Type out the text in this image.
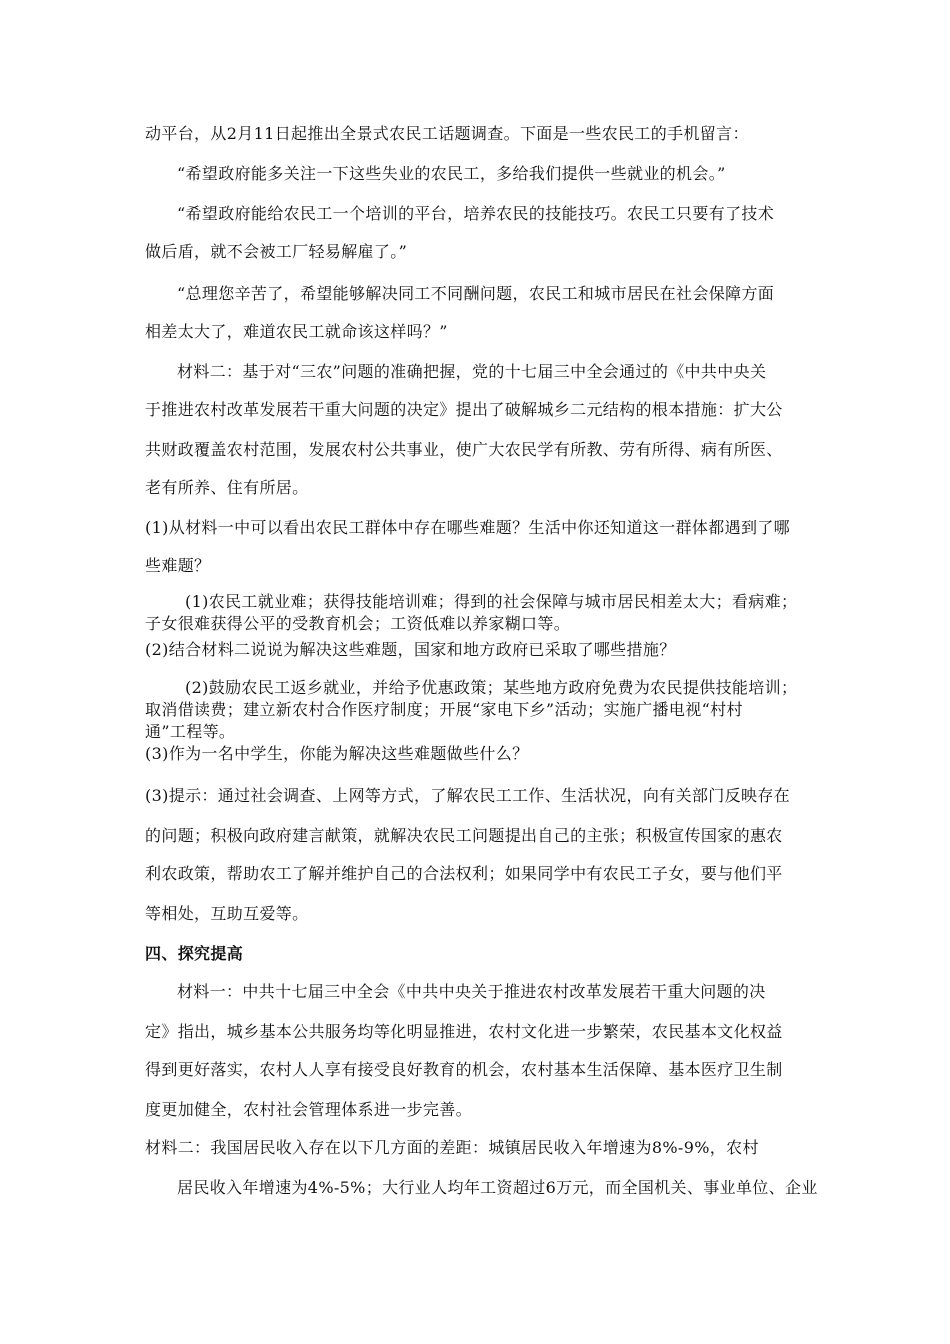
动平台，从2月11日起推出全景式农民工话题调查。下面是一些农民工的手机留言：
“希望政府能多关注一下这些失业的农民工，多给我们提供一些就业的机会。”
“希望政府能给农民工一个培训的平台，培养农民的技能技巧。农民工只要有了技术
做后盾，就不会被工厂轻易解雇了。”
“总理您辛苦了，希望能够解决同工不同酬问题，农民工和城市居民在社会保障方面
相差太大了，难道农民工就命该这样吗？”
材料二：基于对“三农”问题的准确把握，党的十七届三中全会通过的《中共中央关
于推进农村改革发展若干重大问题的决定》提出了破解城乡二元结构的根本措施：扩大公
共财政覆盖农村范围，发展农村公共事业，使广大农民学有所教、劳有所得、病有所医、
老有所养、住有所居。
(1)从材料一中可以看出农民工群体中存在哪些难题？生活中你还知道这一群体都遇到了哪
些难题？
(1)农民工就业难；获得技能培训难；得到的社会保障与城市居民相差太大；看病难；
子女很难获得公平的受教育机会；工资低难以养家糊口等。
(2)结合材料二说说为解决这些难题，国家和地方政府已采取了哪些措施？
(2)鼓励农民工返乡就业，并给予优惠政策；某些地方政府免费为农民提供技能培训；
取消借读费；建立新农村合作医疗制度；开展“家电下乡”活动；实施广播电视“村村
通”工程等。
(3)作为一名中学生，你能为解决这些难题做些什么？
(3)提示：通过社会调查、上网等方式，了解农民工工作、生活状况，向有关部门反映存在
的问题；积极向政府建言献策，就解决农民工问题提出自己的主张；积极宣传国家的惠农
利农政策，帮助农工了解并维护自己的合法权利；如果同学中有农民工子女，要与他们平
等相处，互助互爱等。
四、探究提高
材料一：中共十七届三中全会《中共中央关于推进农村改革发展若干重大问题的决
定》指出，城乡基本公共服务均等化明显推进，农村文化进一步繁荣，农民基本文化权益
得到更好落实，农村人人享有接受良好教育的机会，农村基本生活保障、基本医疗卫生制
度更加健全，农村社会管理体系进一步完善。
材料二：我国居民收入存在以下几方面的差距：城镇居民收入年增速为8%-9%，农村
居民收入年增速为4%-5%；大行业人均年工资超过6万元，而全国机关、事业单位、企业
